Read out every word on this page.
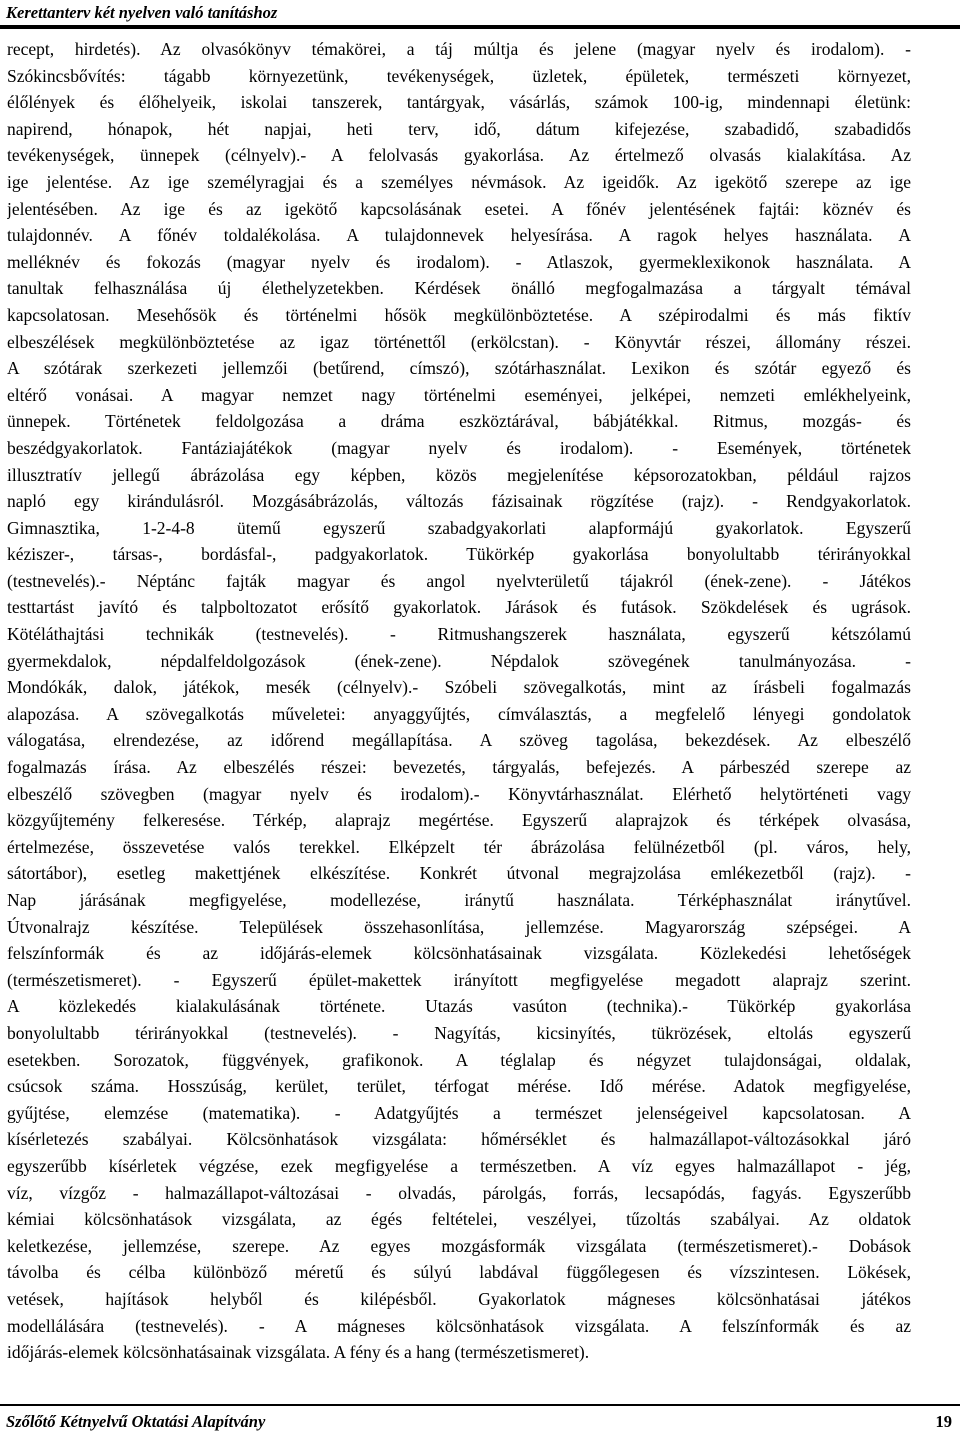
Kerettanterv két nyelven való tanításhoz
recept, hirdetés). Az olvasókönyv témakörei, a táj múltja és jelene (magyar nyelv és irodalom). -
Szókincsbővítés: tágabb környezetünk, tevékenységek, üzletek, épületek, természeti környezet,
élőlények és élőhelyeik, iskolai tanszerek, tantárgyak, vásárlás, számok 100-ig, mindennapi életünk:
napirend, hónapok, hét napjai, heti terv, idő, dátum kifejezése, szabadidő, szabadidős
tevékenységek, ünnepek (célnyelv).- A felolvasás gyakorlása. Az értelmező olvasás kialakítása. Az
ige jelentése. Az ige személyragjai és a személyes névmások. Az igeidők. Az igekötő szerepe az ige
jelentésében. Az ige és az igekötő kapcsolásának esetei. A főnév jelentésének fajtái: köznév és
tulajdonnév. A főnév toldalékolása. A tulajdonnevek helyesírása. A ragok helyes használata. A
melléknév és fokozás (magyar nyelv és irodalom). - Atlaszok, gyermeklexikonok használata. A
tanultak felhasználása új élethelyzetekben. Kérdések önálló megfogalmazása a tárgyalt témával
kapcsolatosan. Mesehősök és történelmi hősök megkülönböztetése. A szépirodalmi és más fiktív
elbeszélések megkülönböztetése az igaz történettől (erkölcstan). - Könyvtár részei, állomány részei.
A szótárak szerkezeti jellemzői (betűrend, címszó), szótárhasználat. Lexikon és szótár egyező és
eltérő vonásai. A magyar nemzet nagy történelmi eseményei, jelképei, nemzeti emlékhelyeink,
ünnepek. Történetek feldolgozása a dráma eszköztárával, bábjátékkal. Ritmus, mozgás- és
beszédgyakorlatok. Fantáziajátékok (magyar nyelv és irodalom). - Események, történetek
illusztratív jellegű ábrázolása egy képben, közös megjelenítése képsorozatokban, például rajzos
napló egy kirándulásról. Mozgásábrázolás, változás fázisainak rögzítése (rajz). - Rendgyakorlatok.
Gimnasztika, 1-2-4-8 ütemű egyszerű szabadgyakorlati alapformájú gyakorlatok. Egyszerű
kéziszer-, társas-, bordásfal-, padgyakorlatok. Tükörkép gyakorlása bonyolultabb térirányokkal
(testnevelés).- Néptánc fajták magyar és angol nyelvterületű tájakról (ének-zene). - Játékos
testtartást javító és talpboltozatot erősítő gyakorlatok. Járások és futások. Szökdelések és ugrások.
Kötéláthajtási technikák (testnevelés). - Ritmushangszerek használata, egyszerű kétszólamú
gyermekdalok, népdalfeldolgozások (ének-zene). Népdalok szövegének tanulmányozása. -
Mondókák, dalok, játékok, mesék (célnyelv).- Szóbeli szövegalkotás, mint az írásbeli fogalmazás
alapozása. A szövegalkotás műveletei: anyaggyűjtés, címválasztás, a megfelelő lényegi gondolatok
válogatása, elrendezése, az időrend megállapítása. A szöveg tagolása, bekezdések. Az elbeszélő
fogalmazás írása. Az elbeszélés részei: bevezetés, tárgyalás, befejezés. A párbeszéd szerepe az
elbeszélő szövegben (magyar nyelv és irodalom).- Könyvtárhasználat. Elérhető helytörténeti vagy
közgyűjtemény felkeresése. Térkép, alaprajz megértése. Egyszerű alaprajzok és térképek olvasása,
értelmezése, összevetése valós terekkel. Elképzelt tér ábrázolása felülnézetből (pl. város, hely,
sátortábor), esetleg makettjének elkészítése. Konkrét útvonal megrajzolása emlékezetből (rajz). -
Nap járásának megfigyelése, modellezése, iránytű használata. Térképhasználat iránytűvel.
Útvonalrajz készítése. Települések összehasonlítása, jellemzése. Magyarország szépségei. A
felszínformák és az időjárás-elemek kölcsönhatásainak vizsgálata. Közlekedési lehetőségek
(természetismeret). - Egyszerű épület-makettek irányított megfigyelése megadott alaprajz szerint.
A közlekedés kialakulásának története. Utazás vasúton (technika).- Tükörkép gyakorlása
bonyolultabb térirányokkal (testnevelés). - Nagyítás, kicsinyítés, tükrözések, eltolás egyszerű
esetekben. Sorozatok, függvények, grafikonok. A téglalap és négyzet tulajdonságai, oldalak,
csúcsok száma. Hosszúság, kerület, terület, térfogat mérése. Idő mérése. Adatok megfigyelése,
gyűjtése, elemzése (matematika). - Adatgyűjtés a természet jelenségeivel kapcsolatosan. A
kísérletezés szabályai. Kölcsönhatások vizsgálata: hőmérséklet és halmazállapot-változásokkal járó
egyszerűbb kísérletek végzése, ezek megfigyelése a természetben. A víz egyes halmazállapot - jég,
víz, vízgőz - halmazállapot-változásai - olvadás, párolgás, forrás, lecsapódás, fagyás. Egyszerűbb
kémiai kölcsönhatások vizsgálata, az égés feltételei, veszélyei, tűzoltás szabályai. Az oldatok
keletkezése, jellemzése, szerepe. Az egyes mozgásformák vizsgálata (természetismeret).- Dobások
távolba és célba különböző méretű és súlyú labdával függőlegesen és vízszintesen. Lökések,
vetések, hajítások helyből és kilépésből. Gyakorlatok mágneses kölcsönhatásai játékos
modellálására (testnevelés). - A mágneses kölcsönhatások vizsgálata. A felszínformák és az
időjárás-elemek kölcsönhatásainak vizsgálata. A fény és a hang (természetismeret).
Szőlőtő Kétnyelvű Oktatási Alapítvány	19
